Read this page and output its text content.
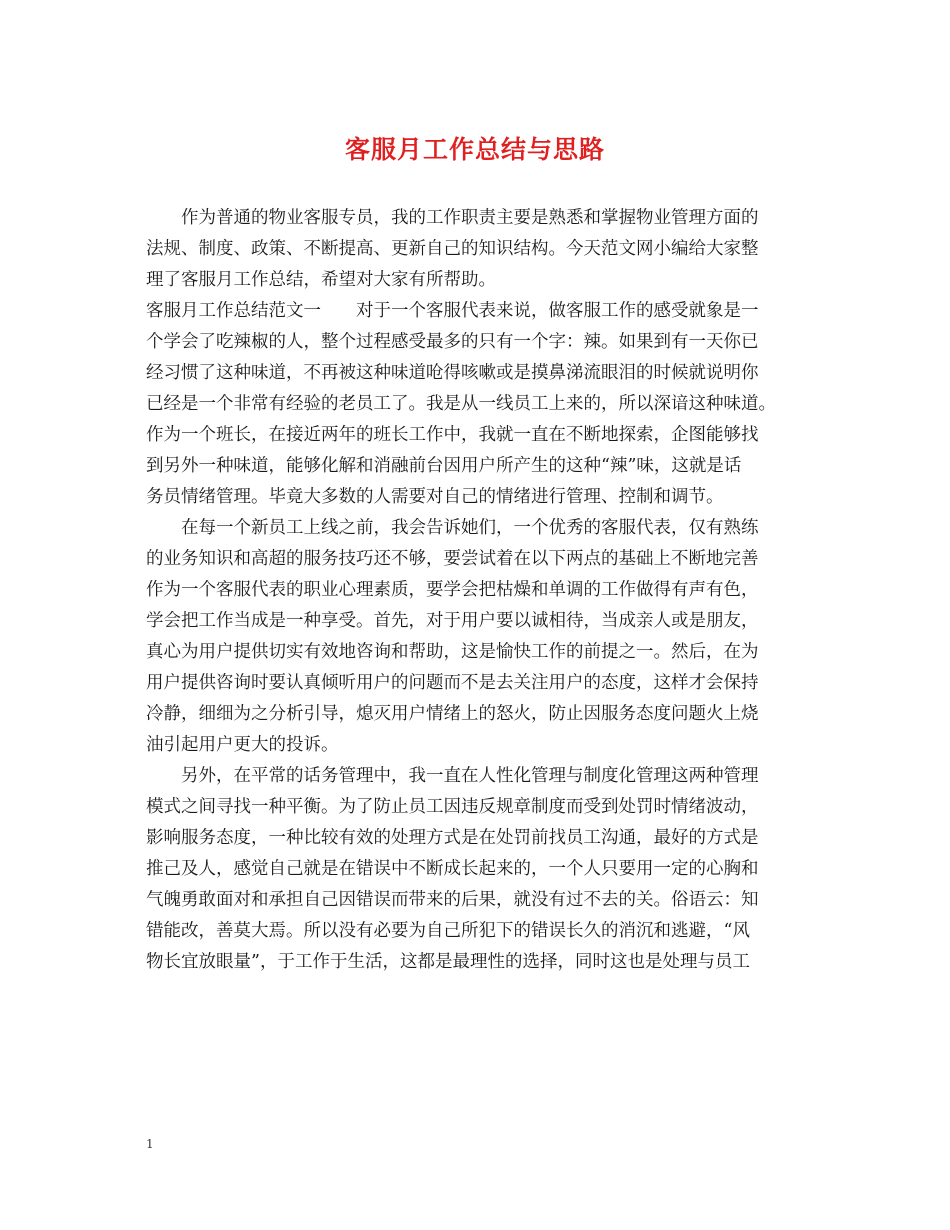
客服月工作总结与思路
　　作为普通的物业客服专员，我的工作职责主要是熟悉和掌握物业管理方面的
法规、制度、政策、不断提高、更新自己的知识结构。今天范文网小编给大家整
理了客服月工作总结，希望对大家有所帮助。
客服月工作总结范文一　　对于一个客服代表来说，做客服工作的感受就象是一
个学会了吃辣椒的人，整个过程感受最多的只有一个字：辣。如果到有一天你已
经习惯了这种味道，不再被这种味道呛得咳嗽或是摸鼻涕流眼泪的时候就说明你
已经是一个非常有经验的老员工了。我是从一线员工上来的，所以深谙这种味道。
作为一个班长，在接近两年的班长工作中，我就一直在不断地探索，企图能够找
到另外一种味道，能够化解和消融前台因用户所产生的这种“辣”味，这就是话
务员情绪管理。毕竟大多数的人需要对自己的情绪进行管理、控制和调节。
　　在每一个新员工上线之前，我会告诉她们，一个优秀的客服代表，仅有熟练
的业务知识和高超的服务技巧还不够，要尝试着在以下两点的基础上不断地完善
作为一个客服代表的职业心理素质，要学会把枯燥和单调的工作做得有声有色，
学会把工作当成是一种享受。首先，对于用户要以诚相待，当成亲人或是朋友，
真心为用户提供切实有效地咨询和帮助，这是愉快工作的前提之一。然后，在为
用户提供咨询时要认真倾听用户的问题而不是去关注用户的态度，这样才会保持
冷静，细细为之分析引导，熄灭用户情绪上的怒火，防止因服务态度问题火上烧
油引起用户更大的投诉。
　　另外，在平常的话务管理中，我一直在人性化管理与制度化管理这两种管理
模式之间寻找一种平衡。为了防止员工因违反规章制度而受到处罚时情绪波动，
影响服务态度，一种比较有效的处理方式是在处罚前找员工沟通，最好的方式是
推己及人，感觉自己就是在错误中不断成长起来的，一个人只要用一定的心胸和
气魄勇敢面对和承担自己因错误而带来的后果，就没有过不去的关。俗语云：知
错能改，善莫大焉。所以没有必要为自己所犯下的错误长久的消沉和逃避，“风
物长宜放眼量”，于工作于生活，这都是最理性的选择，同时这也是处理与员工
1
